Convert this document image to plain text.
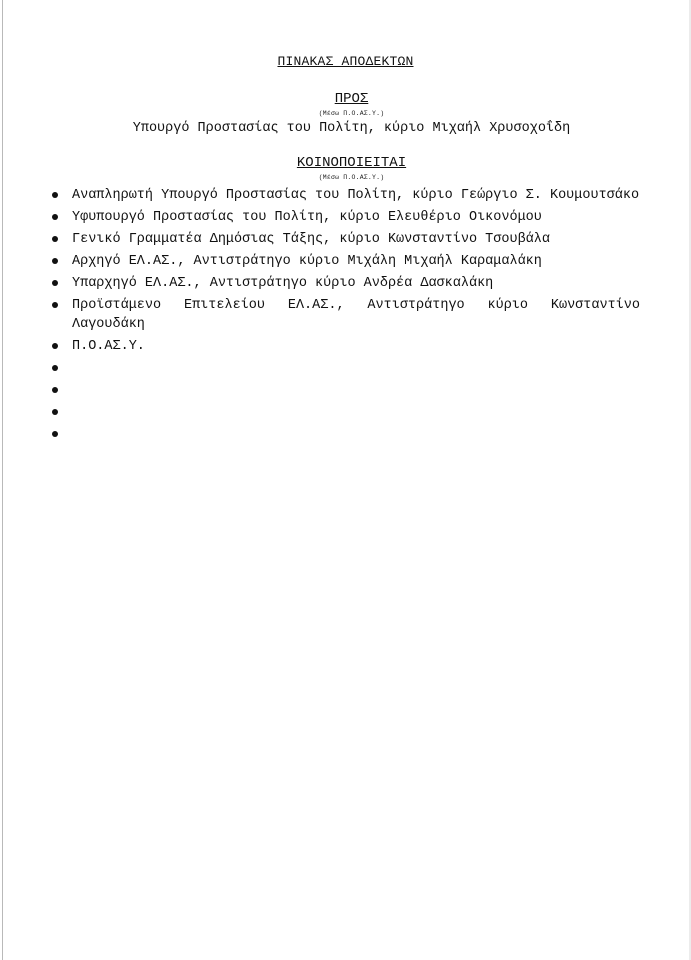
ΠΙΝΑΚΑΣ ΑΠΟΔΕΚΤΩΝ
ΠΡΟΣ
(Μέσω Π.Ο.ΑΣ.Υ.)
Υπουργό Προστασίας του Πολίτη, κύριο Μιχαήλ Χρυσοχοΐδη
ΚΟΙΝΟΠΟΙΕΙΤΑΙ
(Μέσω Π.Ο.ΑΣ.Υ.)
Αναπληρωτή Υπουργό Προστασίας του Πολίτη, κύριο Γεώργιο Σ. Κουμουτσάκο
Υφυπουργό Προστασίας του Πολίτη, κύριο Ελευθέριο Οικονόμου
Γενικό Γραμματέα Δημόσιας Τάξης, κύριο Κωνσταντίνο Τσουβάλα
Αρχηγό ΕΛ.ΑΣ., Αντιστράτηγο κύριο Μιχάλη Μιχαήλ Καραμαλάκη
Υπαρχηγό ΕΛ.ΑΣ., Αντιστράτηγο κύριο Ανδρέα Δασκαλάκη
Προϊστάμενο Επιτελείου ΕΛ.ΑΣ., Αντιστράτηγο κύριο Κωνσταντίνο Λαγουδάκη
Π.Ο.ΑΣ.Υ.
